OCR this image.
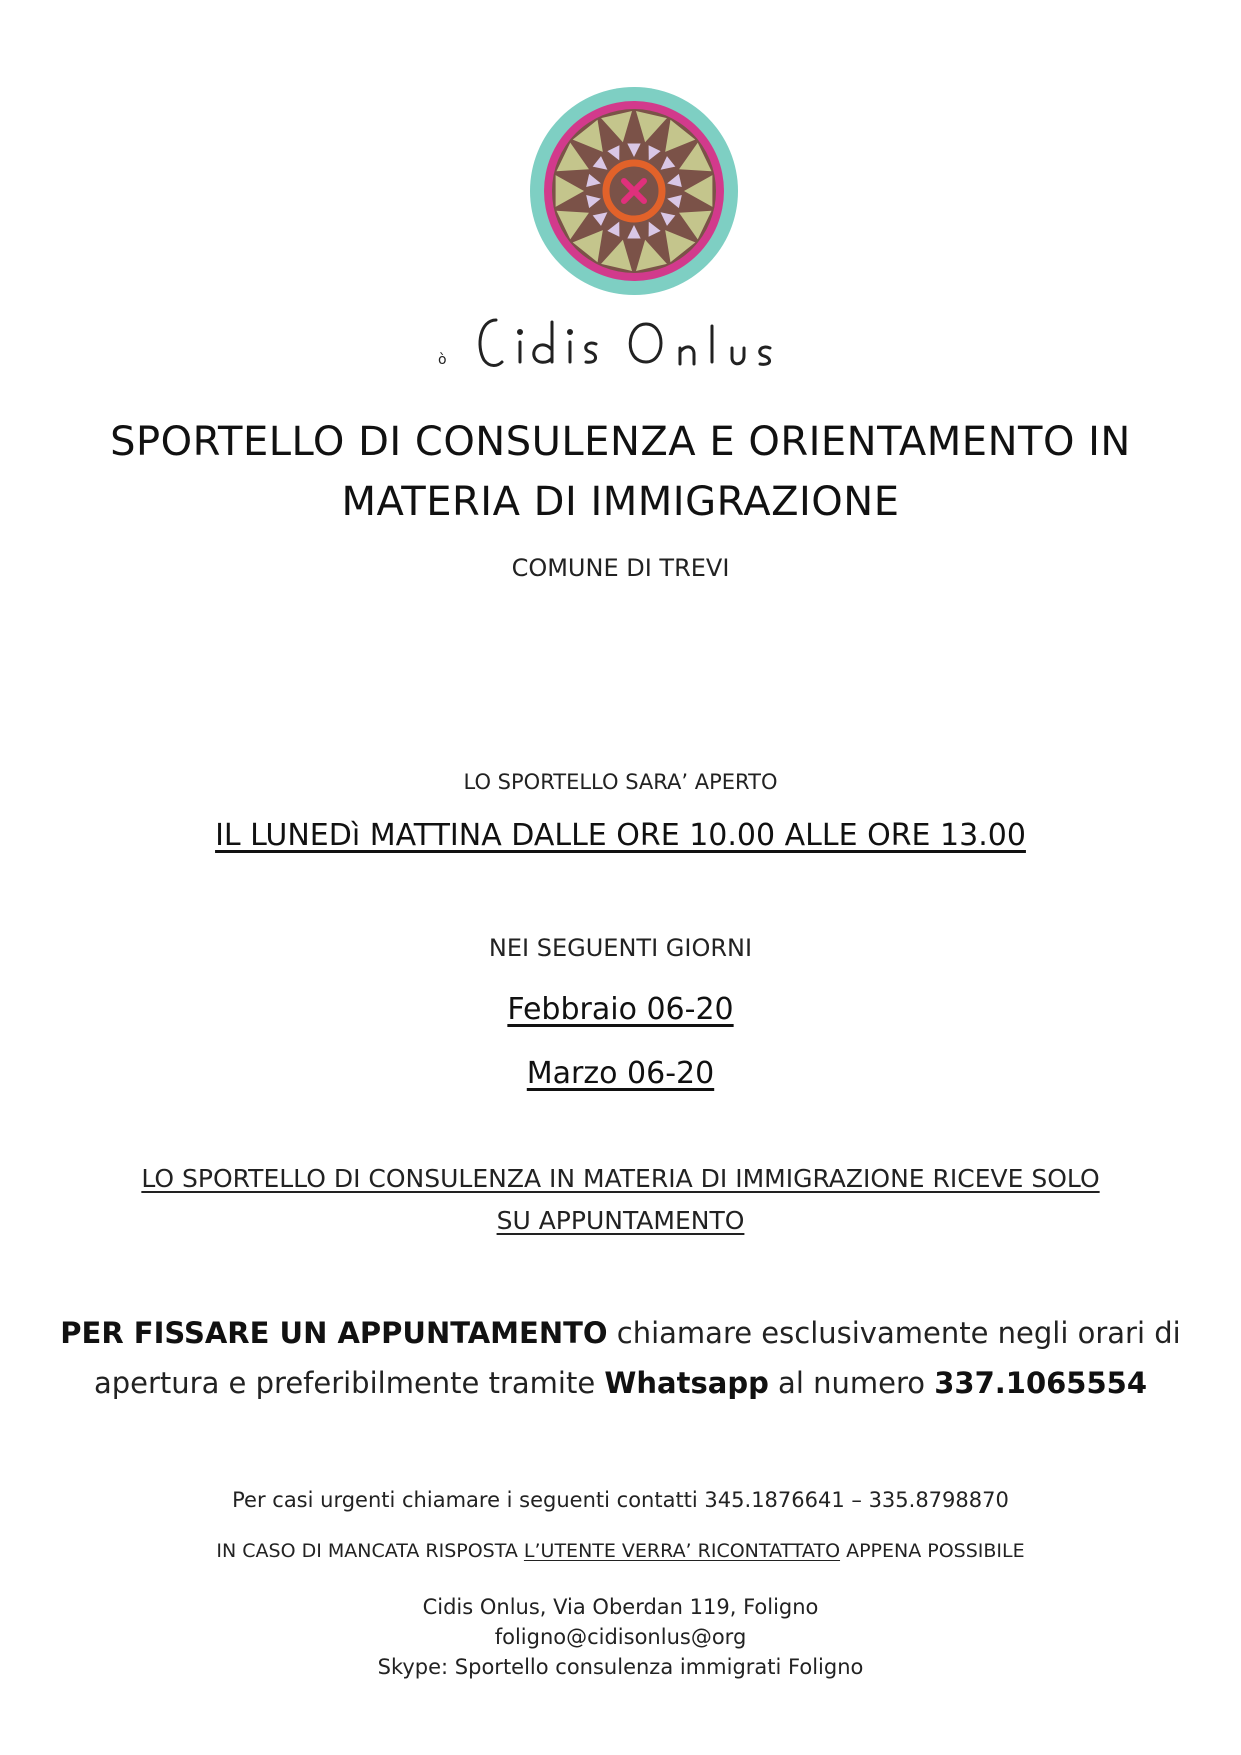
ò
SPORTELLO DI CONSULENZA E ORIENTAMENTO IN
MATERIA DI IMMIGRAZIONE
COMUNE DI TREVI
LO SPORTELLO SARA’ APERTO
IL LUNEDì MATTINA DALLE ORE 10.00 ALLE ORE 13.00
NEI SEGUENTI GIORNI
Febbraio 06-20
Marzo 06-20
LO SPORTELLO DI CONSULENZA IN MATERIA DI IMMIGRAZIONE RICEVE SOLO
SU APPUNTAMENTO
PER FISSARE UN APPUNTAMENTO chiamare esclusivamente negli orari di
apertura e preferibilmente tramite Whatsapp al numero 337.1065554
Per casi urgenti chiamare i seguenti contatti 345.1876641 – 335.8798870
IN CASO DI MANCATA RISPOSTA L’UTENTE VERRA’ RICONTATTATO APPENA POSSIBILE
Cidis Onlus, Via Oberdan 119, Foligno
foligno@cidisonlus@org
Skype: Sportello consulenza immigrati Foligno
